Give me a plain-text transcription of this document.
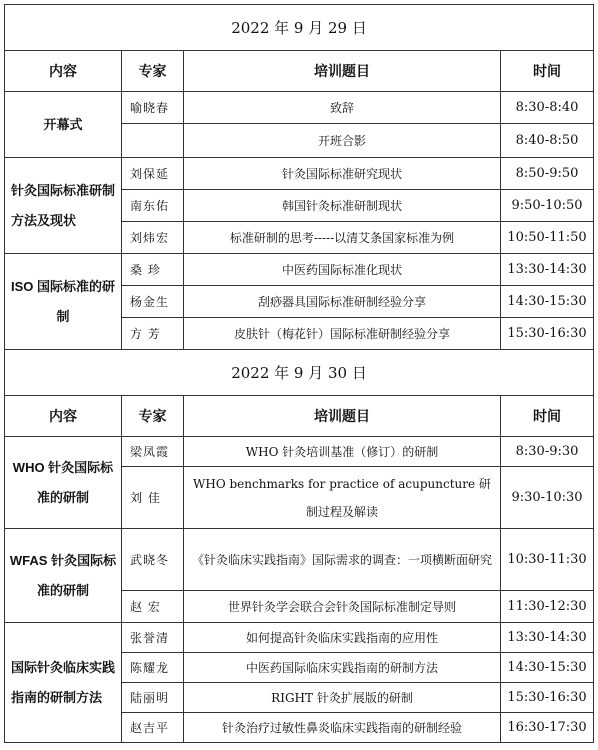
2022 年 9 月 29 日			
内容	专家	培训题目	时间
开幕式	喻晓春	致辞	8:30-8:40
		开班合影	8:40-8:50
针灸国际标准研制方法及现状	刘保延	针灸国际标准研究现状	8:50-9:50
	南东佑	韩国针灸标准研制现状	9:50-10:50
	刘炜宏	标准研制的思考-----以清艾条国家标准为例	10:50-11:50
ISO 国际标准的研制	桑 珍	中医药国际标准化现状	13:30-14:30
	杨金生	刮痧器具国际标准研制经验分享	14:30-15:30
	方 芳	皮肤针（梅花针）国际标准研制经验分享	15:30-16:30
2022 年 9 月 30 日			
内容	专家	培训题目	时间
WHO 针灸国际标准的研制	梁凤霞	WHO 针灸培训基准（修订）的研制	8:30-9:30
	刘 佳	WHO benchmarks for practice of acupuncture 研制过程及解读	9:30-10:30
WFAS 针灸国际标准的研制	武晓冬	《针灸临床实践指南》国际需求的调查：一项横断面研究	10:30-11:30
	赵 宏	世界针灸学会联合会针灸国际标准制定导则	11:30-12:30
国际针灸临床实践指南的研制方法	张誉清	如何提高针灸临床实践指南的应用性	13:30-14:30
	陈耀龙	中医药国际临床实践指南的研制方法	14:30-15:30
	陆丽明	RIGHT 针灸扩展版的研制	15:30-16:30
	赵吉平	针灸治疗过敏性鼻炎临床实践指南的研制经验	16:30-17:30
